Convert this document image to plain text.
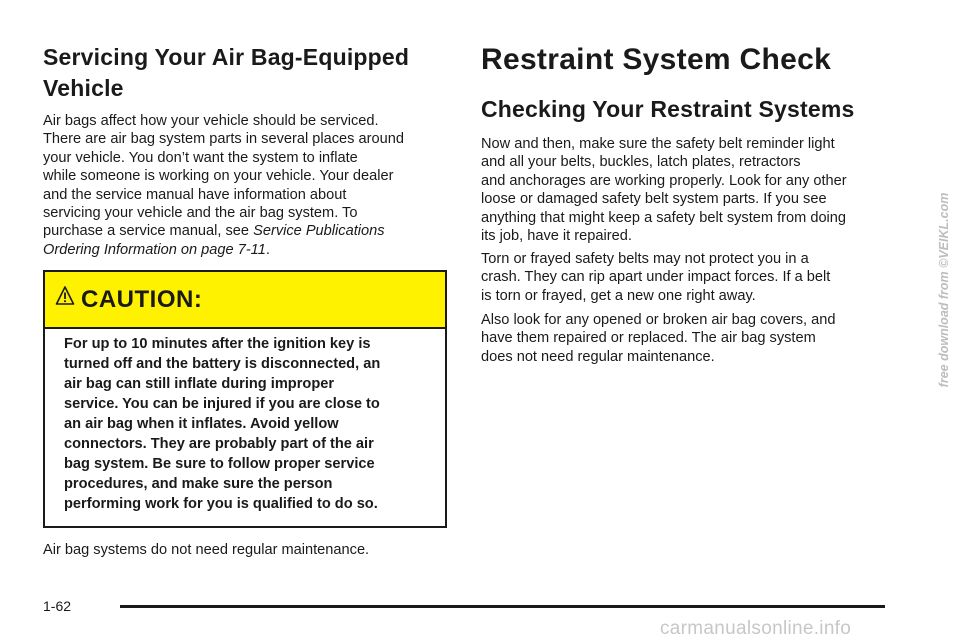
Servicing Your Air Bag-Equipped
Vehicle

Air bags affect how your vehicle should be serviced.
There are air bag system parts in several places around
your vehicle. You don’t want the system to inflate
while someone is working on your vehicle. Your dealer
and the service manual have information about
servicing your vehicle and the air bag system. To
purchase a service manual, see Service Publications
Ordering Information on page 7-11.

CAUTION:

For up to 10 minutes after the ignition key is
turned off and the battery is disconnected, an
air bag can still inflate during improper
service. You can be injured if you are close to
an air bag when it inflates. Avoid yellow
connectors. They are probably part of the air
bag system. Be sure to follow proper service
procedures, and make sure the person
performing work for you is qualified to do so.

Air bag systems do not need regular maintenance.

Restraint System Check
Checking Your Restraint Systems

Now and then, make sure the safety belt reminder light
and all your belts, buckles, latch plates, retractors
and anchorages are working properly. Look for any other
loose or damaged safety belt system parts. If you see
anything that might keep a safety belt system from doing
its job, have it repaired.

Torn or frayed safety belts may not protect you in a
crash. They can rip apart under impact forces. If a belt
is torn or frayed, get a new one right away.

Also look for any opened or broken air bag covers, and
have them repaired or replaced. The air bag system
does not need regular maintenance.

1-62
free download from ©VEIKL.com
carmanualsonline.info
